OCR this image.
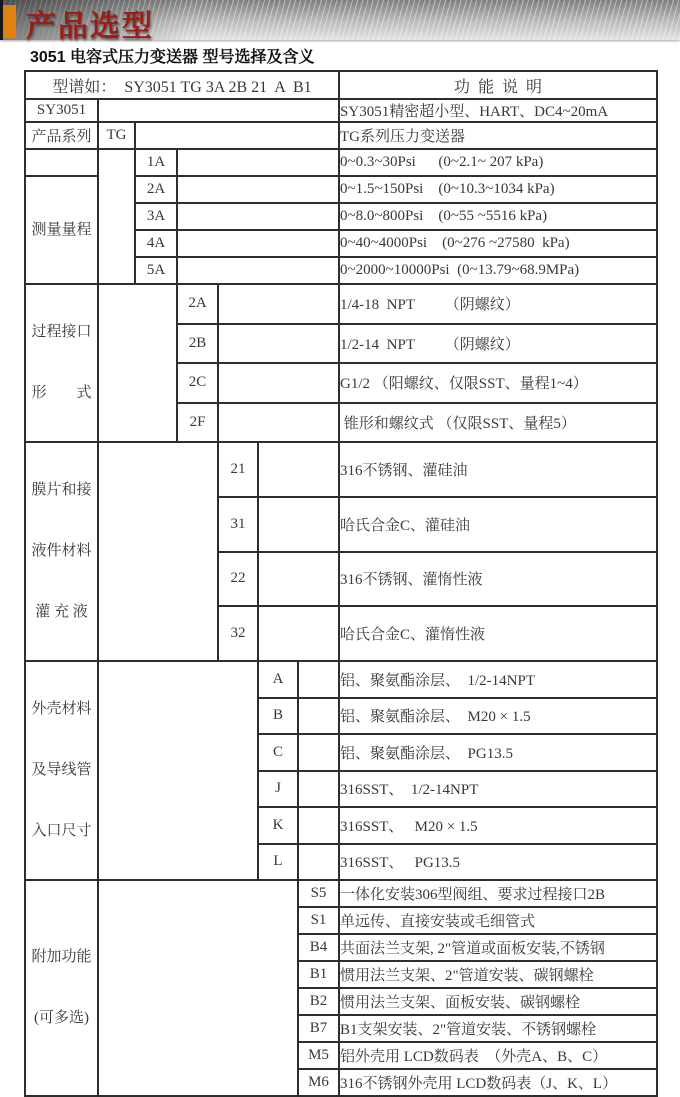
产品选型
3051 电容式压力变送器 型号选择及含义
型谱如：  SY3051 TG 3A 2B 21  A  B1							功  能  说  明
SY3051							SY3051精密超小型、HART、DC4~20mA
产品系列	TG						TG系列压力变送器
		1A					0~0.3~30Psi      (0~2.1~ 207 kPa)

测量量程		2A					0~1.5~150Psi    (0~10.3~1034 kPa)
		3A					0~8.0~800Psi    (0~55 ~5516 kPa)
		4A					0~40~4000Psi    (0~276 ~27580  kPa)
		5A					0~2000~10000Psi  (0~13.79~68.9MPa)

过程接口

形　　式			2A				1/4-18  NPT        （阴螺纹）
			2B				1/2-14  NPT        （阴螺纹）
			2C				G1/2 （阳螺纹、仅限SST、量程1~4）
			2F				锥形和螺纹式 （仅限SST、量程5）

膜片和接

液件材料

灌 充 液				21			316不锈钢、灌硅油
				31			哈氏合金C、灌硅油
				22			316不锈钢、灌惰性液
				32			哈氏合金C、灌惰性液

外壳材料

及导线管

入口尺寸					A		铝、聚氨酯涂层、  1/2-14NPT
					B		铝、聚氨酯涂层、  M20 × 1.5
					C		铝、聚氨酯涂层、  PG13.5
					J		316SST、  1/2-14NPT
					K		316SST、   M20 × 1.5
					L		316SST、   PG13.5

附加功能

(可多选)						S5	一体化安装306型阀组、要求过程接口2B
						S1	单远传、直接安装或毛细管式
						B4	共面法兰支架, 2"管道或面板安装,不锈钢
						B1	惯用法兰支架、2"管道安装、碳钢螺栓
						B2	惯用法兰支架、面板安装、碳钢螺栓
						B7	B1支架安装、2"管道安装、不锈钢螺栓
						M5	铝外壳用 LCD数码表  （外壳A、B、C）
						M6	316不锈钢外壳用 LCD数码表（J、K、L）
